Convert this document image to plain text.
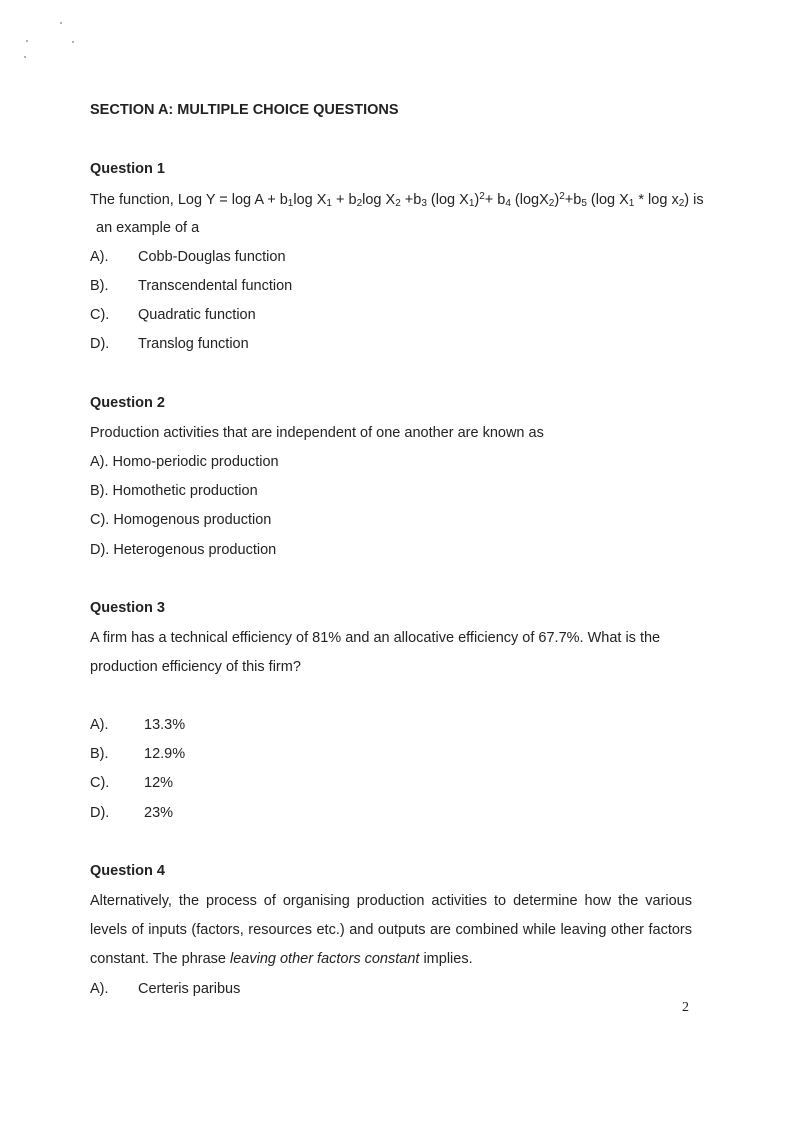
SECTION A: MULTIPLE CHOICE QUESTIONS
Question 1
The function, Log $Y = \log A + b_1\log$ $X_1 + b_2\log$ $X_2 +b_3$ (log $X_1)^2+ b_4$ $(\log X_2)^2+b_5$ (log $X_1$ * $\log x_2$) is
an example of a
A). Cobb-Douglas function
B). Transcendental function
C). Quadratic function
D). Translog function
Question 2
Production activities that are independent of one another are known as
A). Homo-periodic production
B). Homothetic production
C). Homogenous production
D). Heterogenous production
Question 3
A firm has a technical efficiency of 81% and an allocative efficiency of 67.7%. What is the
production efficiency of this firm?
A). 13.3%
B). 12.9%
C). 12%
D). 23%
Question 4
Alternatively, the process of organising production activities to determine how the various
levels of inputs (factors, resources etc.) and outputs are combined while leaving other factors
constant. The phrase leaving other factors constant implies.
A). Certeris paribus
2
